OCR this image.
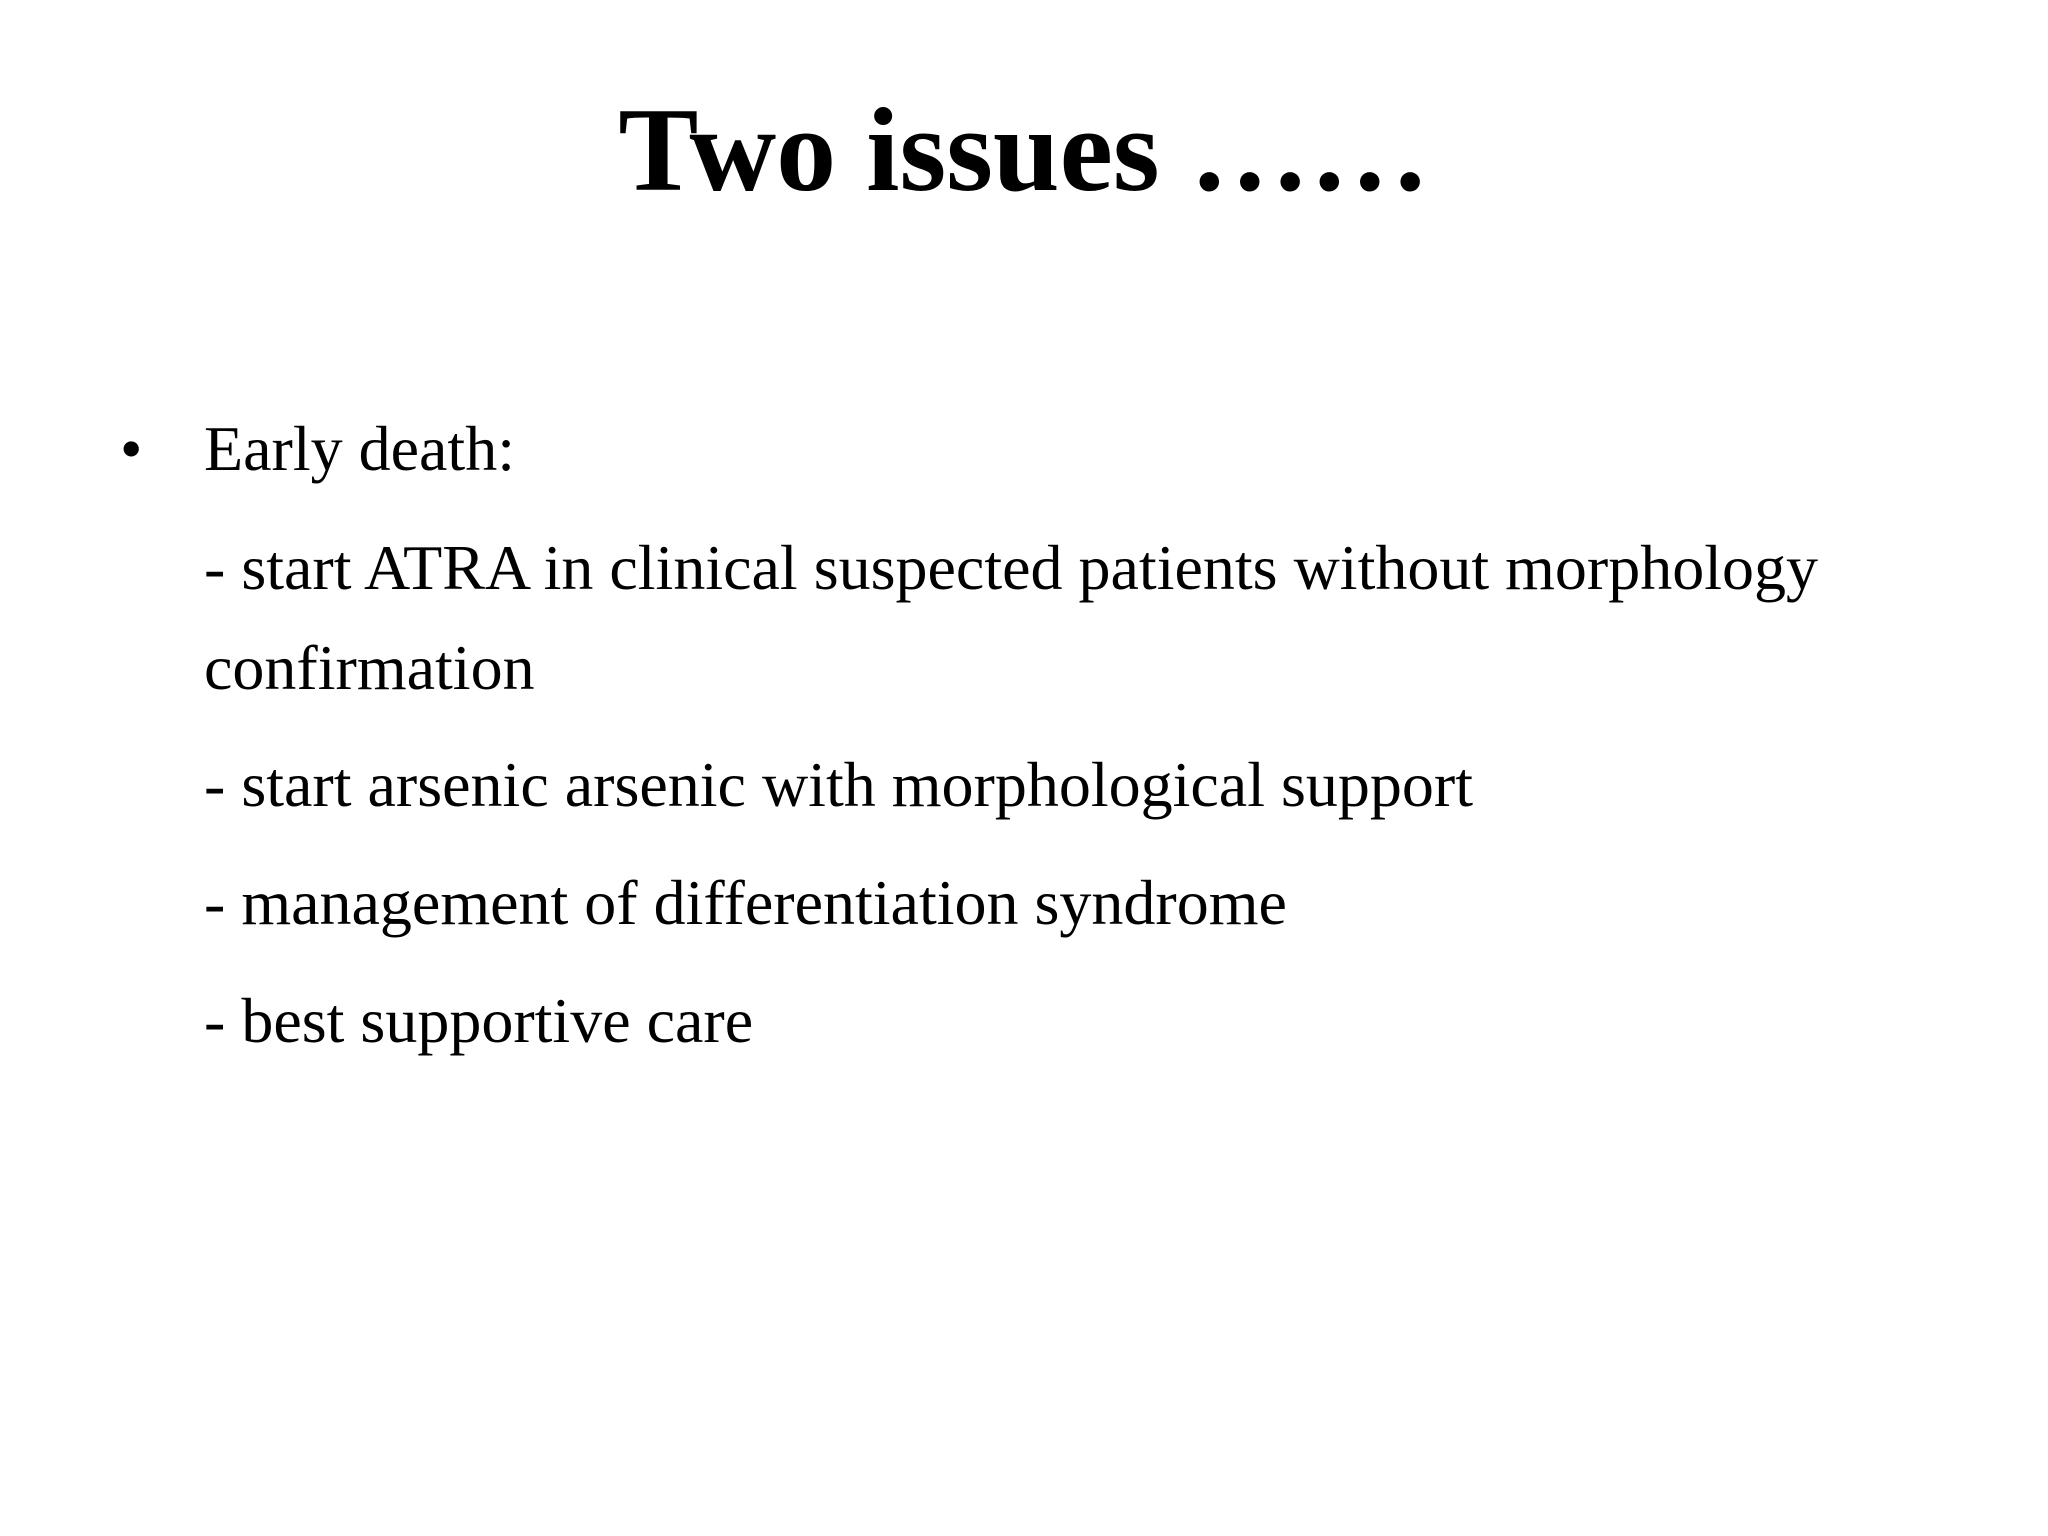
Two issues ……
• Early death:

- start ATRA in clinical suspected patients without morphology confirmation

- start arsenic arsenic with morphological support

- management of differentiation syndrome

- best supportive care
